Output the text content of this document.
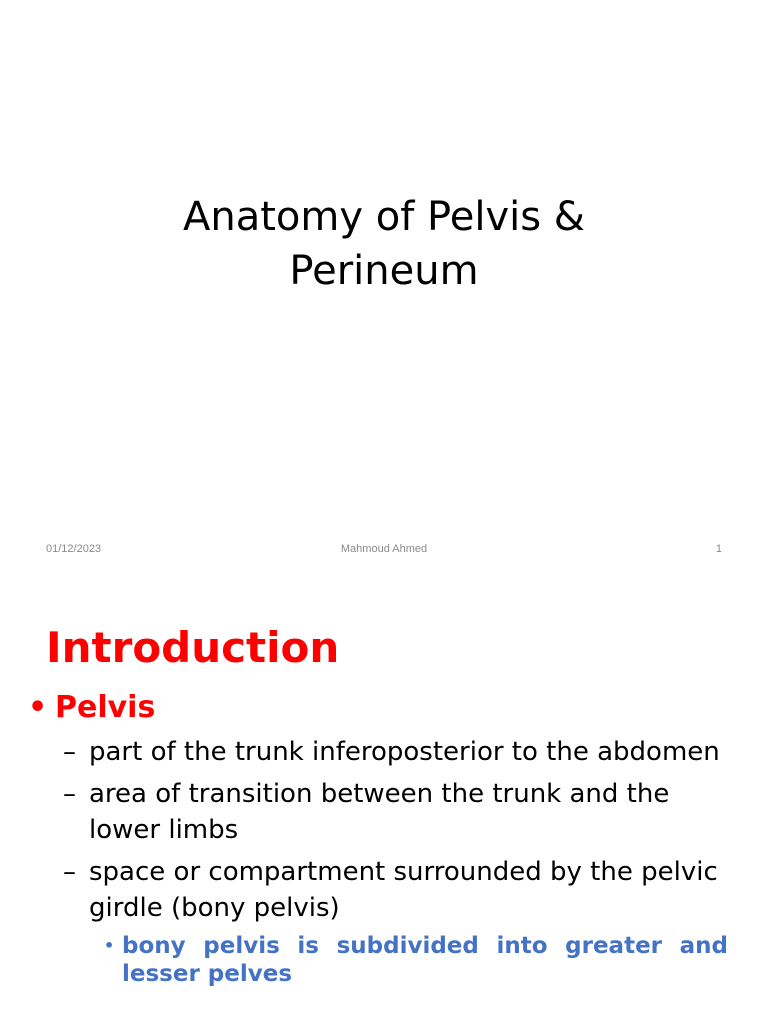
Anatomy of Pelvis &
Perineum
01/12/2023	Mahmoud Ahmed	1
Introduction
• Pelvis
– part of the trunk inferoposterior to the abdomen
– area of transition between the trunk and the lower limbs
– space or compartment surrounded by the pelvic girdle (bony pelvis)
• bony pelvis is subdivided into greater and lesser pelves
